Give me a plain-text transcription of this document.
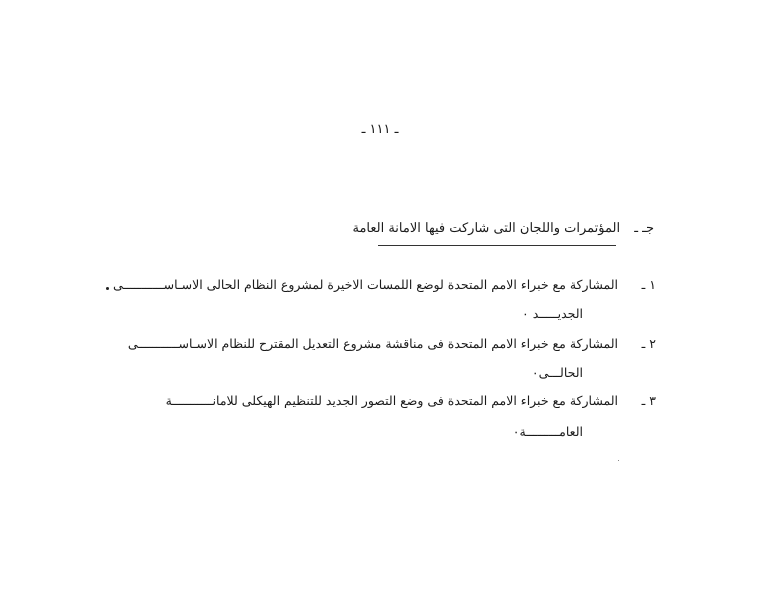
ـ ١١١ ـ
جـ ـ المؤتمرات واللجان التى شاركت فيها الامانة العامة
١ ـ المشاركة مع خبراء الامم المتحدة لوضع اللمسات الاخيرة لمشروع النظام الحالى الاسـاســـــــــــى
الجديـــــد ٠
٢ ـ المشاركة مع خبراء الامم المتحدة فى مناقشة مشروع التعديل المقترح للنظام الاسـاســـــــــــى
الحالـــى٠
٣ ـ المشاركة مع خبراء الامم المتحدة فى وضع التصور الجديد للتنظيم الهيكلى للامانـــــــــــة
العامـــــــــة٠
